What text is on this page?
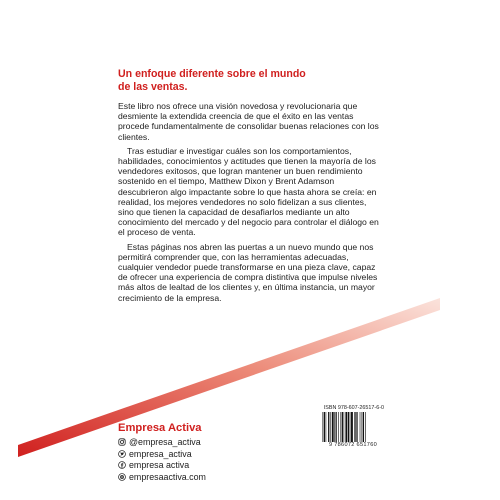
Un enfoque diferente sobre el mundo
de las ventas.

Este libro nos ofrece una visión novedosa y revolucionaria que desmiente la extendida creencia de que el éxito en las ventas procede fundamentalmente de consolidar buenas relaciones con los clientes.

Tras estudiar e investigar cuáles son los comportamientos, habilidades, conocimientos y actitudes que tienen la mayoría de los vendedores exitosos, que logran mantener un buen rendimiento sostenido en el tiempo, Matthew Dixon y Brent Adamson descubrieron algo impactante sobre lo que hasta ahora se creía: en realidad, los mejores vendedores no solo fidelizan a sus clientes, sino que tienen la capacidad de desafiarlos mediante un alto conocimiento del mercado y del negocio para controlar el diálogo en el proceso de venta.

Estas páginas nos abren las puertas a un nuevo mundo que nos permitirá comprender que, con las herramientas adecuadas, cualquier vendedor puede transformarse en una pieza clave, capaz de ofrecer una experiencia de compra distintiva que impulse niveles más altos de lealtad de los clientes y, en última instancia, un mayor crecimiento de la empresa.

Empresa Activa
@empresa_activa
empresa_activa
empresa activa
empresaactiva.com
ISBN 978-607-26517-6-0
9 786072 651760
